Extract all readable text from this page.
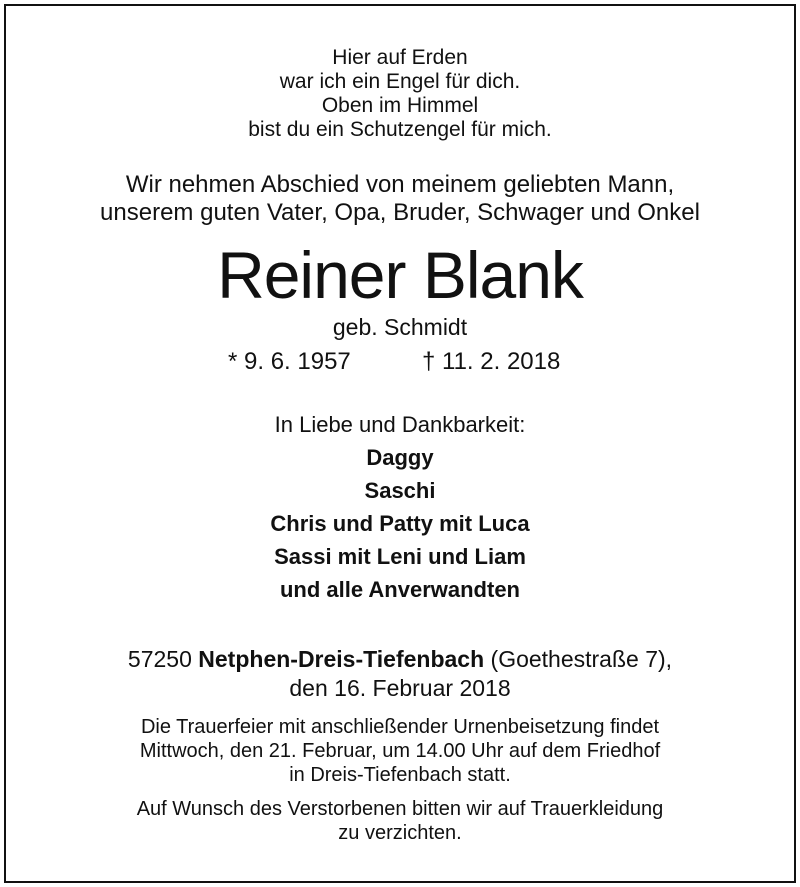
Hier auf Erden
war ich ein Engel für dich.
Oben im Himmel
bist du ein Schutzengel für mich.
Wir nehmen Abschied von meinem geliebten Mann,
unserem guten Vater, Opa, Bruder, Schwager und Onkel
Reiner Blank
geb. Schmidt
* 9. 6. 1957	† 11. 2. 2018
In Liebe und Dankbarkeit:
Daggy
Saschi
Chris und Patty mit Luca
Sassi mit Leni und Liam
und alle Anverwandten
57250 Netphen-Dreis-Tiefenbach (Goethestraße 7),
den 16. Februar 2018
Die Trauerfeier mit anschließender Urnenbeisetzung findet
Mittwoch, den 21. Februar, um 14.00 Uhr auf dem Friedhof
in Dreis-Tiefenbach statt.
Auf Wunsch des Verstorbenen bitten wir auf Trauerkleidung
zu verzichten.
